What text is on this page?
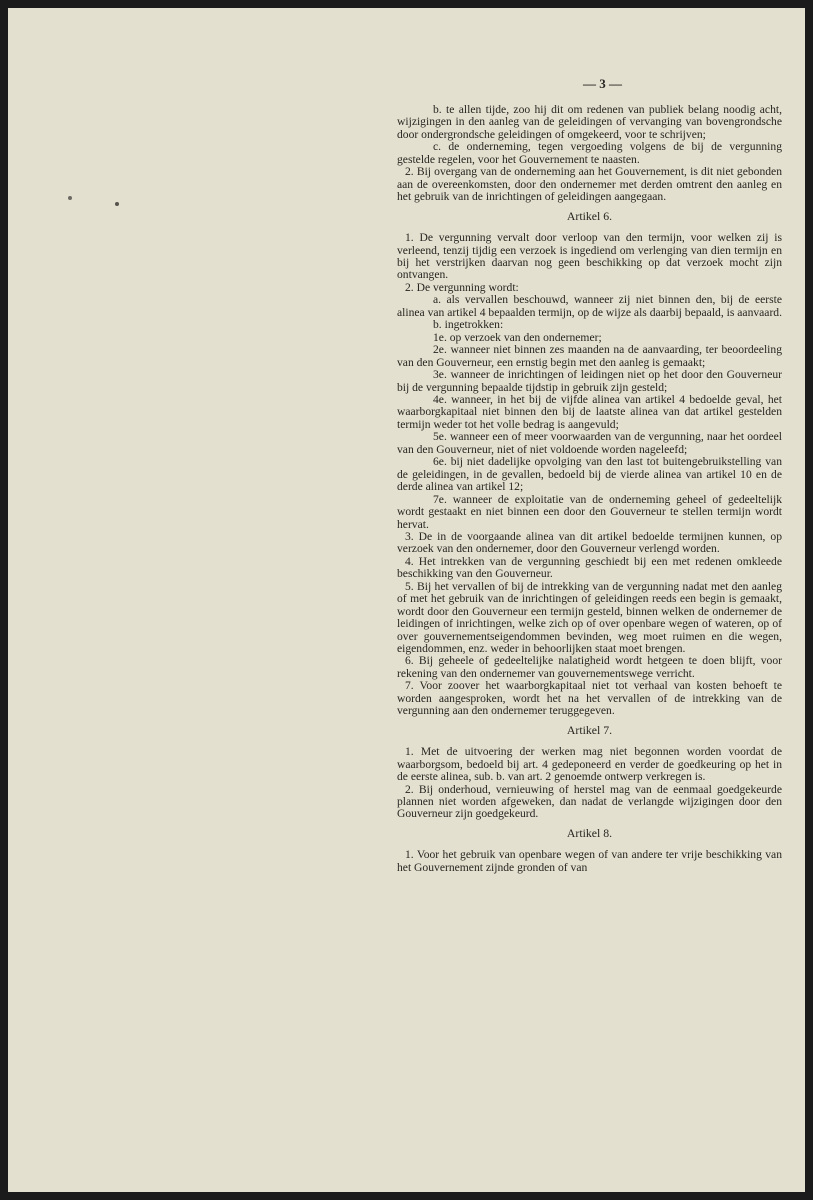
— 3 —

b. te allen tijde, zoo hij dit om redenen van publiek belang noodig acht, wijzigingen in den aanleg van de geleidingen of vervanging van bovengrondsche door ondergrondsche geleidingen of omgekeerd, voor te schrijven;

c. de onderneming, tegen vergoeding volgens de bij de vergunning gestelde regelen, voor het Gouvernement te naasten.

2. Bij overgang van de onderneming aan het Gouvernement, is dit niet gebonden aan de overeenkomsten, door den ondernemer met derden omtrent den aanleg en het gebruik van de inrichtingen of geleidingen aangegaan.

Artikel 6.

1. De vergunning vervalt door verloop van den termijn, voor welken zij is verleend, tenzij tijdig een verzoek is ingediend om verlenging van dien termijn en bij het verstrijken daarvan nog geen beschikking op dat verzoek mocht zijn ontvangen.

2. De vergunning wordt:

a. als vervallen beschouwd, wanneer zij niet binnen den, bij de eerste alinea van artikel 4 bepaalden termijn, op de wijze als daarbij bepaald, is aanvaard.

b. ingetrokken:

1e. op verzoek van den ondernemer;

2e. wanneer niet binnen zes maanden na de aanvaarding, ter beoordeeling van den Gouverneur, een ernstig begin met den aanleg is gemaakt;

3e. wanneer de inrichtingen of leidingen niet op het door den Gouverneur bij de vergunning bepaalde tijdstip in gebruik zijn gesteld;

4e. wanneer, in het bij de vijfde alinea van artikel 4 bedoelde geval, het waarborgkapitaal niet binnen den bij de laatste alinea van dat artikel gestelden termijn weder tot het volle bedrag is aangevuld;

5e. wanneer een of meer voorwaarden van de vergunning, naar het oordeel van den Gouverneur, niet of niet voldoende worden nageleefd;

6e. bij niet dadelijke opvolging van den last tot buitengebruikstelling van de geleidingen, in de gevallen, bedoeld bij de vierde alinea van artikel 10 en de derde alinea van artikel 12;

7e. wanneer de exploitatie van de onderneming geheel of gedeeltelijk wordt gestaakt en niet binnen een door den Gouverneur te stellen termijn wordt hervat.

3. De in de voorgaande alinea van dit artikel bedoelde termijnen kunnen, op verzoek van den ondernemer, door den Gouverneur verlengd worden.

4. Het intrekken van de vergunning geschiedt bij een met redenen omkleede beschikking van den Gouverneur.

5. Bij het vervallen of bij de intrekking van de vergunning nadat met den aanleg of met het gebruik van de inrichtingen of geleidingen reeds een begin is gemaakt, wordt door den Gouverneur een termijn gesteld, binnen welken de ondernemer de leidingen of inrichtingen, welke zich op of over openbare wegen of wateren, op of over gouvernementseigendommen bevinden, weg moet ruimen en die wegen, eigendommen, enz. weder in behoorlijken staat moet brengen.

6. Bij geheele of gedeeltelijke nalatigheid wordt hetgeen te doen blijft, voor rekening van den ondernemer van gouvernementswege verricht.

7. Voor zoover het waarborgkapitaal niet tot verhaal van kosten behoeft te worden aangesproken, wordt het na het vervallen of de intrekking van de vergunning aan den ondernemer teruggegeven.

Artikel 7.

1. Met de uitvoering der werken mag niet begonnen worden voordat de waarborgsom, bedoeld bij art. 4 gedeponeerd en verder de goedkeuring op het in de eerste alinea, sub. b. van art. 2 genoemde ontwerp verkregen is.

2. Bij onderhoud, vernieuwing of herstel mag van de eenmaal goedgekeurde plannen niet worden afgeweken, dan nadat de verlangde wijzigingen door den Gouverneur zijn goedgekeurd.

Artikel 8.

1. Voor het gebruik van openbare wegen of van andere ter vrije beschikking van het Gouvernement zijnde gronden of van
